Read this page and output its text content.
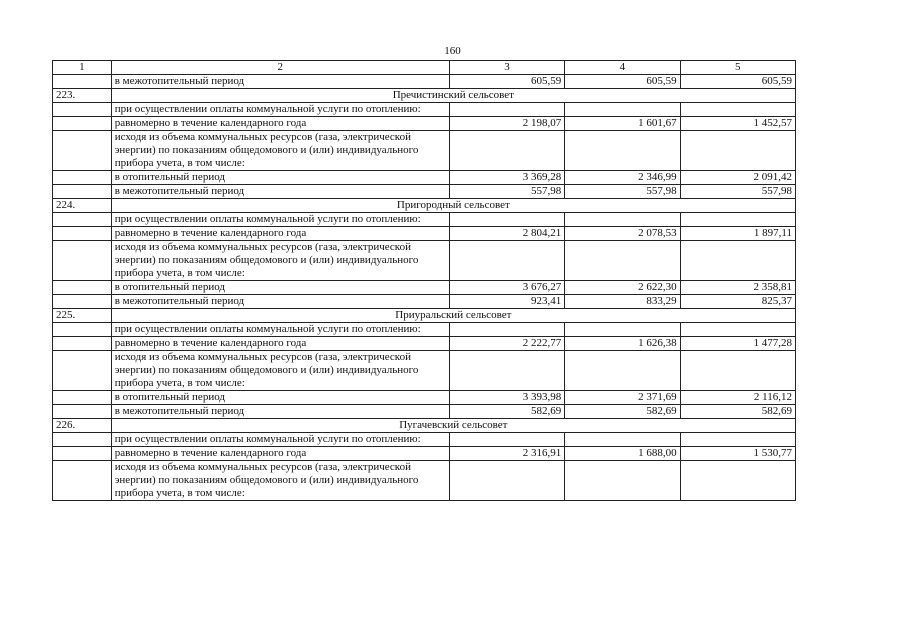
160
1	2	3	4	5
	в межотопительный период	605,59	605,59	605,59
223.	Пречистинский сельсовет			
	при осуществлении оплаты коммунальной услуги по отоплению:			
	равномерно в течение календарного года	2 198,07	1 601,67	1 452,57
	исходя из объема коммунальных ресурсов (газа, электрической энергии) по показаниям общедомового и (или) индивидуального прибора учета, в том числе:			
	в отопительный период	3 369,28	2 346,99	2 091,42
	в межотопительный период	557,98	557,98	557,98
224.	Пригородный сельсовет			
	при осуществлении оплаты коммунальной услуги по отоплению:			
	равномерно в течение календарного года	2 804,21	2 078,53	1 897,11
	исходя из объема коммунальных ресурсов (газа, электрической энергии) по показаниям общедомового и (или) индивидуального прибора учета, в том числе:			
	в отопительный период	3 676,27	2 622,30	2 358,81
	в межотопительный период	923,41	833,29	825,37
225.	Приуральский сельсовет			
	при осуществлении оплаты коммунальной услуги по отоплению:			
	равномерно в течение календарного года	2 222,77	1 626,38	1 477,28
	исходя из объема коммунальных ресурсов (газа, электрической энергии) по показаниям общедомового и (или) индивидуального прибора учета, в том числе:			
	в отопительный период	3 393,98	2 371,69	2 116,12
	в межотопительный период	582,69	582,69	582,69
226.	Пугачевский сельсовет			
	при осуществлении оплаты коммунальной услуги по отоплению:			
	равномерно в течение календарного года	2 316,91	1 688,00	1 530,77
	исходя из объема коммунальных ресурсов (газа, электрической энергии) по показаниям общедомового и (или) индивидуального прибора учета, в том числе:			
